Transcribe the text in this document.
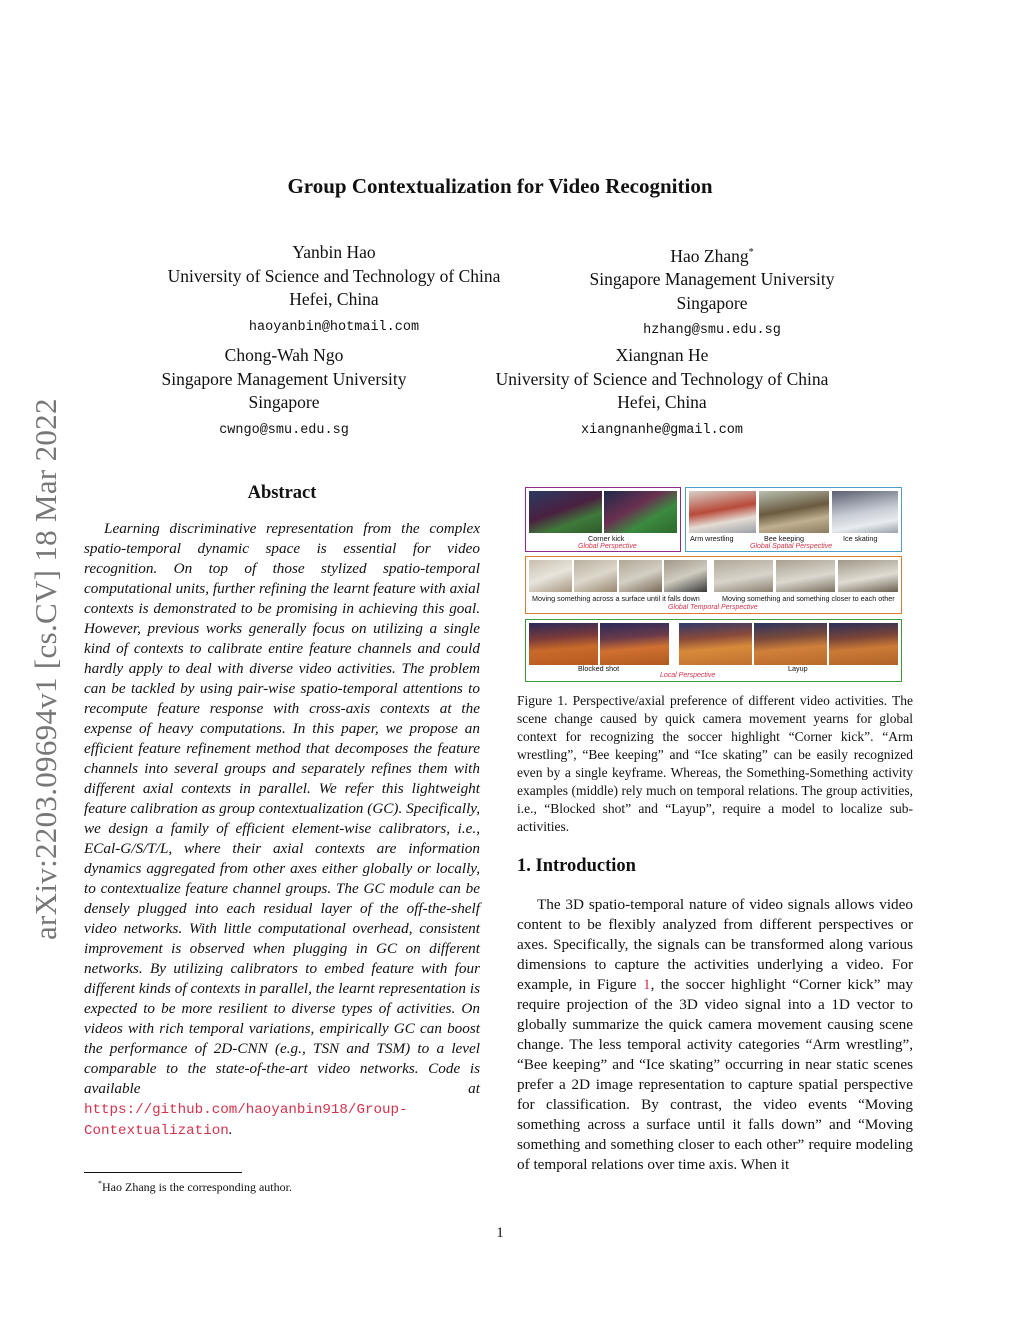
arXiv:2203.09694v1 [cs.CV] 18 Mar 2022
Group Contextualization for Video Recognition
Yanbin Hao
University of Science and Technology of China
Hefei, China
haoyanbin@hotmail.com
Hao Zhang*
Singapore Management University
Singapore
hzhang@smu.edu.sg
Chong-Wah Ngo
Singapore Management University
Singapore
cwngo@smu.edu.sg
Xiangnan He
University of Science and Technology of China
Hefei, China
xiangnanhe@gmail.com
Abstract
Learning discriminative representation from the complex spatio-temporal dynamic space is essential for video recognition. On top of those stylized spatio-temporal computational units, further refining the learnt feature with axial contexts is demonstrated to be promising in achieving this goal. However, previous works generally focus on utilizing a single kind of contexts to calibrate entire feature channels and could hardly apply to deal with diverse video activities. The problem can be tackled by using pair-wise spatio-temporal attentions to recompute feature response with cross-axis contexts at the expense of heavy computations. In this paper, we propose an efficient feature refinement method that decomposes the feature channels into several groups and separately refines them with different axial contexts in parallel. We refer this lightweight feature calibration as group contextualization (GC). Specifically, we design a family of efficient element-wise calibrators, i.e., ECal-G/S/T/L, where their axial contexts are information dynamics aggregated from other axes either globally or locally, to contextualize feature channel groups. The GC module can be densely plugged into each residual layer of the off-the-shelf video networks. With little computational overhead, consistent improvement is observed when plugging in GC on different networks. By utilizing calibrators to embed feature with four different kinds of contexts in parallel, the learnt representation is expected to be more resilient to diverse types of activities. On videos with rich temporal variations, empirically GC can boost the performance of 2D-CNN (e.g., TSN and TSM) to a level comparable to the state-of-the-art video networks. Code is available at https://github.com/haoyanbin918/Group-Contextualization.
*Hao Zhang is the corresponding author.
Corner kick
Global Perspective
Arm wrestling	Bee keeping	Ice skating
Global Spatial Perspective
Moving something across a surface until it falls down	Moving something and something closer to each other
Global Temporal Perspective
Blocked shot	Layup
Local Perspective
Figure 1. Perspective/axial preference of different video activities. The scene change caused by quick camera movement yearns for global context for recognizing the soccer highlight “Corner kick”. “Arm wrestling”, “Bee keeping” and “Ice skating” can be easily recognized even by a single keyframe. Whereas, the Something-Something activity examples (middle) rely much on temporal relations. The group activities, i.e., “Blocked shot” and “Layup”, require a model to localize sub-activities.
1. Introduction
The 3D spatio-temporal nature of video signals allows video content to be flexibly analyzed from different perspectives or axes. Specifically, the signals can be transformed along various dimensions to capture the activities underlying a video. For example, in Figure 1, the soccer highlight “Corner kick” may require projection of the 3D video signal into a 1D vector to globally summarize the quick camera movement causing scene change. The less temporal activity categories “Arm wrestling”, “Bee keeping” and “Ice skating” occurring in near static scenes prefer a 2D image representation to capture spatial perspective for classification. By contrast, the video events “Moving something across a surface until it falls down” and “Moving something and something closer to each other” require modeling of temporal relations over time axis. When it
1
